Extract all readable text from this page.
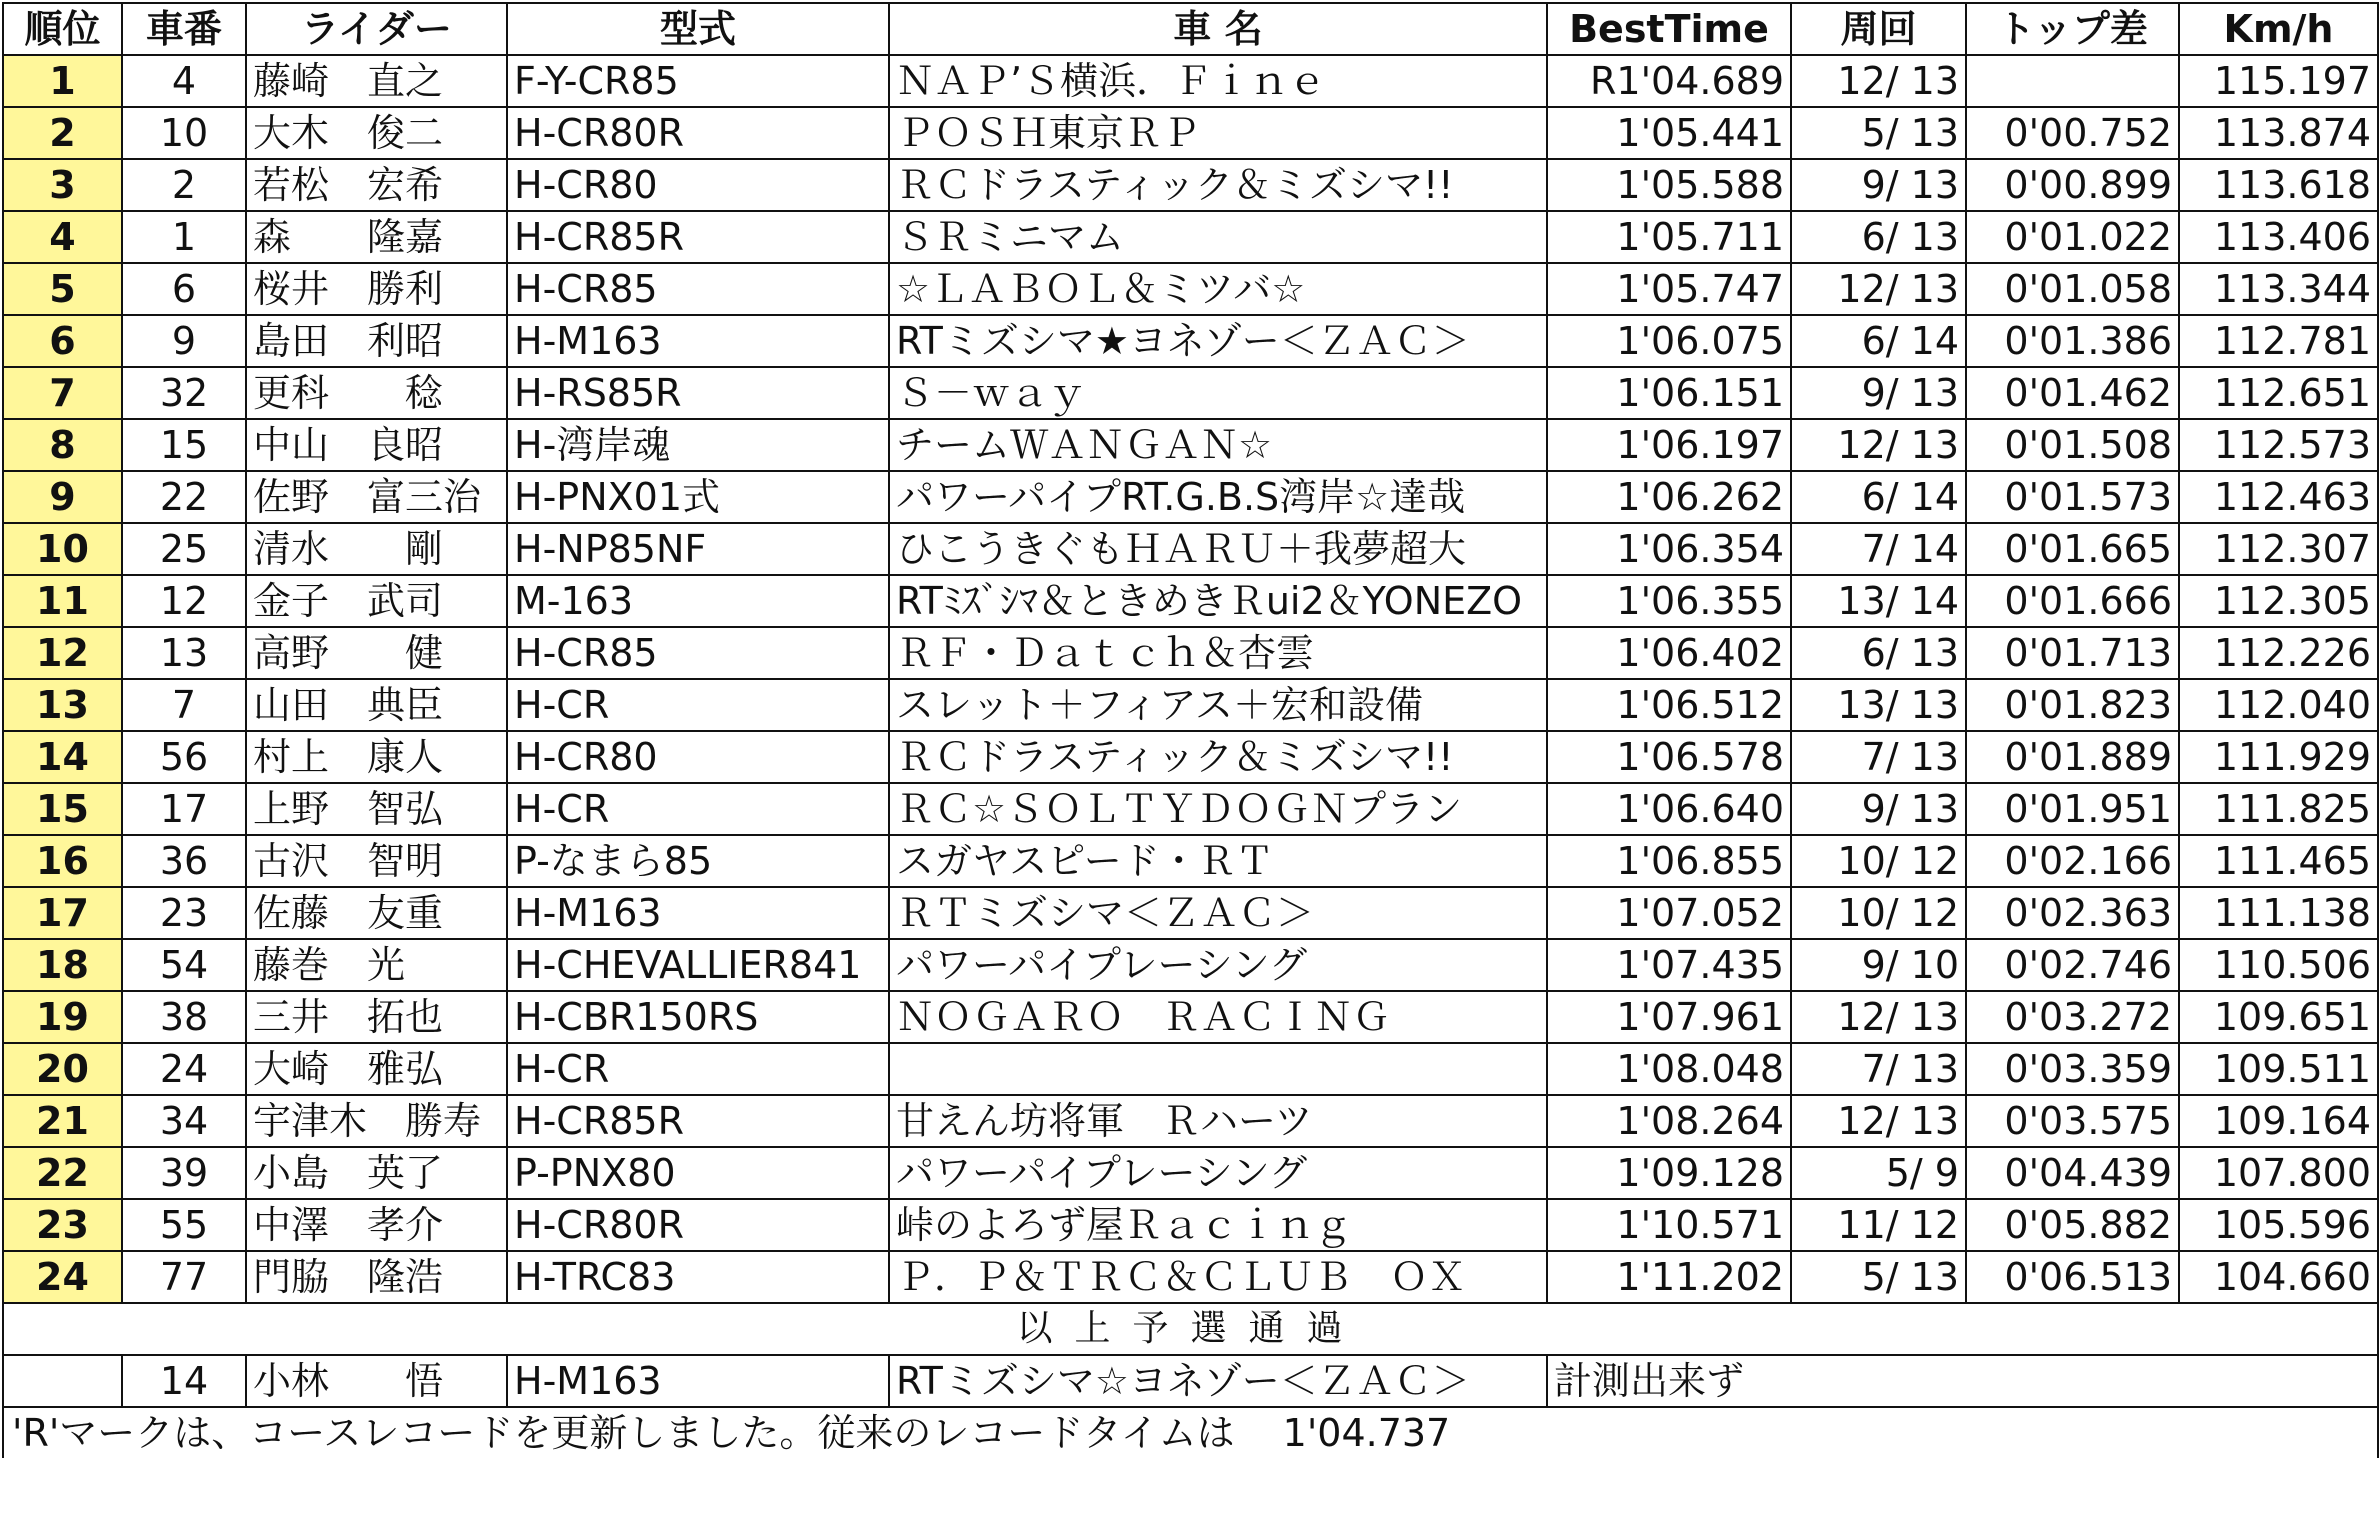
順位	車番	ライダー	型式	車 名	BestTime	周回	トップ差	Km/h
1	4	藤崎　直之	F-Y-CR85	ＮＡＰ’Ｓ横浜．Ｆｉｎｅ	R1'04.689	12/ 13		115.197
2	10	大木　俊二	H-CR80R	ＰＯＳＨ東京ＲＰ	1'05.441	5/ 13	0'00.752	113.874
3	2	若松　宏希	H-CR80	ＲＣドラスティック＆ミズシマ!!	1'05.588	9/ 13	0'00.899	113.618
4	1	森　　隆嘉	H-CR85R	ＳＲミニマム	1'05.711	6/ 13	0'01.022	113.406
5	6	桜井　勝利	H-CR85	☆ＬＡＢＯＬ＆ミツバ☆	1'05.747	12/ 13	0'01.058	113.344
6	9	島田　利昭	H-M163	RTミズシマ★ヨネゾー＜ＺＡＣ＞	1'06.075	6/ 14	0'01.386	112.781
7	32	更科　　稔	H-RS85R	Ｓ－ｗａｙ	1'06.151	9/ 13	0'01.462	112.651
8	15	中山　良昭	H-湾岸魂	チームＷＡＮＧＡＮ☆	1'06.197	12/ 13	0'01.508	112.573
9	22	佐野　富三治	H-PNX01式	パワーパイプRT.G.B.S湾岸☆達哉	1'06.262	6/ 14	0'01.573	112.463
10	25	清水　　剛	H-NP85NF	ひこうきぐもＨＡＲＵ＋我夢超大	1'06.354	7/ 14	0'01.665	112.307
11	12	金子　武司	M-163	RTﾐｽﾞｼﾏ＆ときめきＲui2＆YONEZO	1'06.355	13/ 14	0'01.666	112.305
12	13	高野　　健	H-CR85	ＲＦ・Ｄａｔｃｈ＆杏雲	1'06.402	6/ 13	0'01.713	112.226
13	7	山田　典臣	H-CR	スレット＋フィアス＋宏和設備	1'06.512	13/ 13	0'01.823	112.040
14	56	村上　康人	H-CR80	ＲＣドラスティック＆ミズシマ!!	1'06.578	7/ 13	0'01.889	111.929
15	17	上野　智弘	H-CR	ＲＣ☆ＳＯＬＴＹＤＯＧＮプラン	1'06.640	9/ 13	0'01.951	111.825
16	36	古沢　智明	P-なまら85	スガヤスピード・ＲＴ	1'06.855	10/ 12	0'02.166	111.465
17	23	佐藤　友重	H-M163	ＲＴミズシマ＜ＺＡＣ＞	1'07.052	10/ 12	0'02.363	111.138
18	54	藤巻　光	H-CHEVALLIER841	パワーパイプレーシング	1'07.435	9/ 10	0'02.746	110.506
19	38	三井　拓也	H-CBR150RS	ＮＯＧＡＲＯ　ＲＡＣＩＮＧ	1'07.961	12/ 13	0'03.272	109.651
20	24	大崎　雅弘	H-CR		1'08.048	7/ 13	0'03.359	109.511
21	34	宇津木　勝寿	H-CR85R	甘えん坊将軍　Ｒハーツ	1'08.264	12/ 13	0'03.575	109.164
22	39	小島　英了	P-PNX80	パワーパイプレーシング	1'09.128	5/ 9	0'04.439	107.800
23	55	中澤　孝介	H-CR80R	峠のよろず屋Ｒａｃｉｎｇ	1'10.571	11/ 12	0'05.882	105.596
24	77	門脇　隆浩	H-TRC83	Ｐ．Ｐ＆ＴＲＣ＆ＣＬＵＢ　ＯＸ	1'11.202	5/ 13	0'06.513	104.660
以上予選通過								
	14	小林　　悟	H-M163	RTミズシマ☆ヨネゾー＜ＺＡＣ＞	計測出来ず			
'R'マークは、コースレコードを更新しました。従来のレコードタイムは 1'04.737								
